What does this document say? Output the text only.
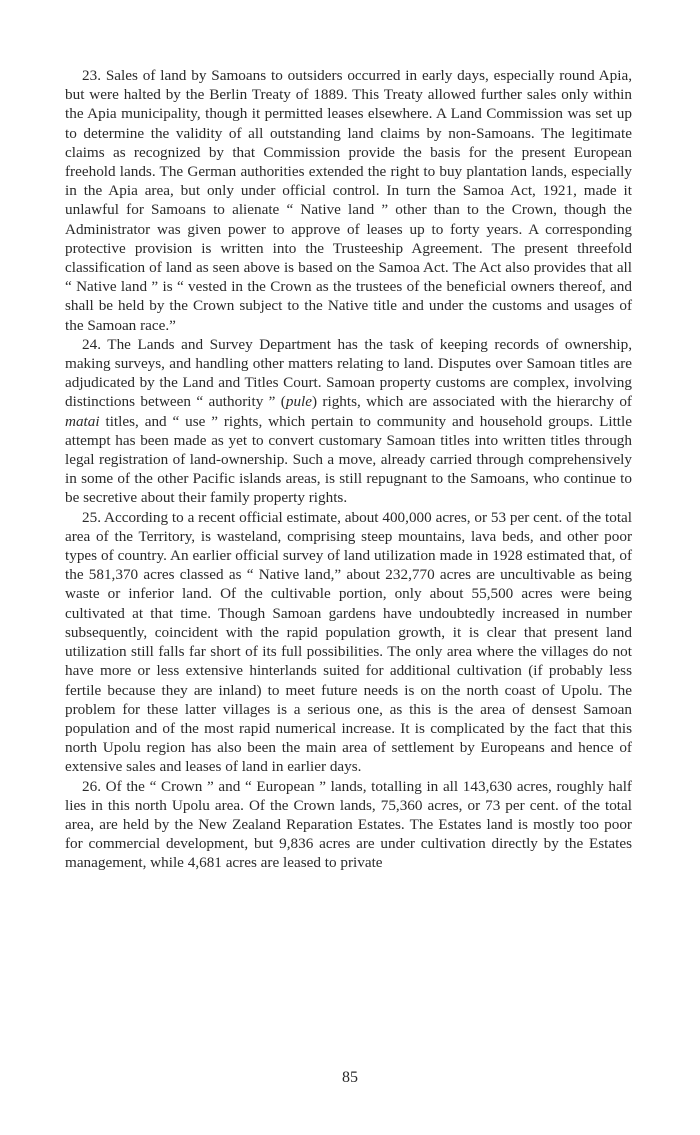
23. Sales of land by Samoans to outsiders occurred in early days, especially round Apia, but were halted by the Berlin Treaty of 1889. This Treaty allowed further sales only within the Apia municipality, though it permitted leases elsewhere. A Land Commission was set up to determine the validity of all outstanding land claims by non-Samoans. The legitimate claims as recognized by that Commission provide the basis for the present European freehold lands. The German authorities extended the right to buy plantation lands, especially in the Apia area, but only under official control. In turn the Samoa Act, 1921, made it unlawful for Samoans to alienate “ Native land ” other than to the Crown, though the Administrator was given power to approve of leases up to forty years. A corresponding protective provision is written into the Trusteeship Agreement. The present threefold classification of land as seen above is based on the Samoa Act. The Act also provides that all “ Native land ” is “ vested in the Crown as the trustees of the beneficial owners thereof, and shall be held by the Crown subject to the Native title and under the customs and usages of the Samoan race.”

24. The Lands and Survey Department has the task of keeping records of ownership, making surveys, and handling other matters relating to land. Disputes over Samoan titles are adjudicated by the Land and Titles Court. Samoan property customs are complex, involving distinctions between “ authority ” (pule) rights, which are associated with the hierarchy of matai titles, and “ use ” rights, which pertain to community and household groups. Little attempt has been made as yet to convert customary Samoan titles into written titles through legal registration of land-ownership. Such a move, already carried through comprehensively in some of the other Pacific islands areas, is still repugnant to the Samoans, who continue to be secretive about their family property rights.

25. According to a recent official estimate, about 400,000 acres, or 53 per cent. of the total area of the Territory, is wasteland, comprising steep mountains, lava beds, and other poor types of country. An earlier official survey of land utilization made in 1928 estimated that, of the 581,370 acres classed as “ Native land,” about 232,770 acres are uncultivable as being waste or inferior land. Of the cultivable portion, only about 55,500 acres were being cultivated at that time. Though Samoan gardens have undoubtedly increased in number subsequently, coincident with the rapid population growth, it is clear that present land utilization still falls far short of its full possibilities. The only area where the villages do not have more or less extensive hinterlands suited for additional cultivation (if probably less fertile because they are inland) to meet future needs is on the north coast of Upolu. The problem for these latter villages is a serious one, as this is the area of densest Samoan population and of the most rapid numerical increase. It is complicated by the fact that this north Upolu region has also been the main area of settlement by Europeans and hence of extensive sales and leases of land in earlier days.

26. Of the “ Crown ” and “ European ” lands, totalling in all 143,630 acres, roughly half lies in this north Upolu area. Of the Crown lands, 75,360 acres, or 73 per cent. of the total area, are held by the New Zealand Reparation Estates. The Estates land is mostly too poor for commercial development, but 9,836 acres are under cultivation directly by the Estates management, while 4,681 acres are leased to private

85
